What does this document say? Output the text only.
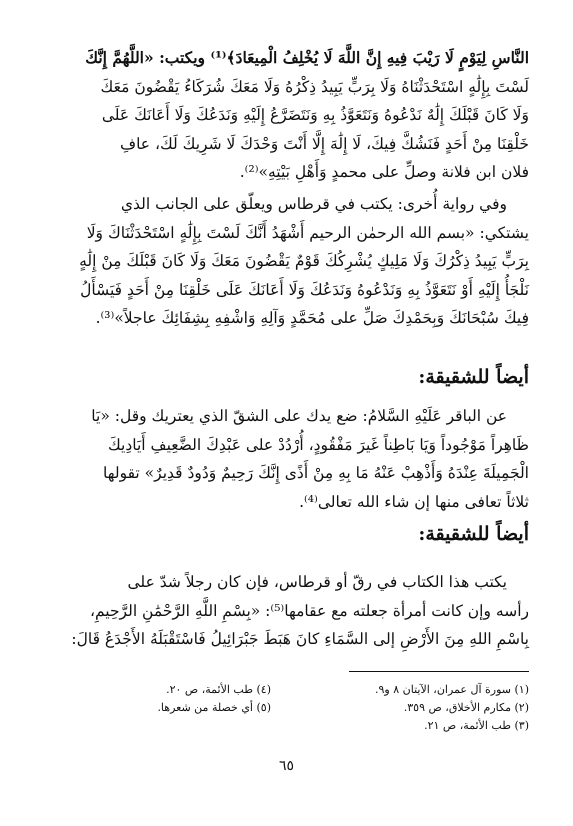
النَّاسِ لِيَوْمٍ لَا رَيْبَ فِيهِ إِنَّ اللَّهَ لَا يُخْلِفُ الْمِيعَادَ﴾⁽¹⁾ ويكتب: «اللَّهُمَّ إِنَّكَ
لَسْتَ بِإِلَٰهٍ اسْتَحْدَثْنَاهُ وَلَا بِرَبٍّ يَبِيدُ ذِكْرُهُ وَلَا مَعَكَ شُرَكَاءُ يَقْضُونَ مَعَكَ
وَلَا كَانَ قَبْلَكَ إِلَٰهٌ نَدْعُوهُ وَنَتَعَوَّذُ بِهِ وَنَتَضَرَّعُ إِلَيْهِ وَنَدَعُكَ وَلَا أَعَانَكَ عَلَى
خَلْقِنَا مِنْ أَحَدٍ فَنَشُكَّ فِيكَ، لَا إِلَٰهَ إِلَّا أَنْتَ وَحْدَكَ لَا شَرِيكَ لَكَ، عافِ
فلان ابن فلانة وصلِّ على محمدٍ وَأَهْلِ بَيْتِهِ»⁽²⁾.
وفي رواية أُخرى: يكتب في قرطاس ويعلّق على الجانب الذي
يشتكي: «بسم الله الرحمٰن الرحيم أَشْهَدُ أَنَّكَ لَسْتَ بِإِلَٰهٍ اسْتَحْدَثْنَاكَ وَلَا
بِرَبٍّ يَبِيدُ ذِكْرُكَ وَلَا مَلِيكٍ يُشْرِكُكَ قَوْمٌ يَقْضُونَ مَعَكَ وَلَا كَانَ قَبْلَكَ مِنْ إِلَٰهٍ
نَلْجَأُ إِلَيْهِ أَوْ نَتَعَوَّذُ بِهِ وَنَدْعُوهُ وَنَدَعُكَ وَلَا أَعَانَكَ عَلَى خَلْقِنَا مِنْ أَحَدٍ فَيَسْأَلُ
فِيكَ سُبْحَانَكَ وَبِحَمْدِكَ صَلِّ على مُحَمَّدٍ وَآلِهِ وَاشْفِهِ بِشِفَائِكَ عاجلاً»⁽³⁾.
أيضاً للشقيقة:
عن الباقر عَلَيْهِ السَّلامُ: ضع يدك على الشقّ الذي يعتريك وقل: «يَا
ظَاهِراً مَوْجُوداً وَيَا بَاطِناً غَيرَ مَفْقُودٍ، أُرْدُدْ على عَبْدِكَ الضَّعِيفِ أَيَادِيكَ
الْجَمِيلَةَ عِنْدَهُ وَأَذْهِبْ عَنْهُ مَا بِهِ مِنْ أَذًى إِنَّكَ رَحِيمٌ وَدُودٌ قَدِيرٌ» تقولها
ثلاثاً تعافى منها إن شاء الله تعالى⁽⁴⁾.
أيضاً للشقيقة:
يكتب هذا الكتاب في رقّ أو قرطاس، فإن كان رجلاً شدّ على
رأسه وإن كانت أمرأة جعلته مع عقامها⁽⁵⁾: «بِسْمِ اللَّهِ الرَّحْمَٰنِ الرَّحِيمِ،
بِاسْمِ اللهِ مِنَ الأَرْضِ إلى السَّمَاءِ كانَ هَبَطَ جَبْرَائِيلُ فَاسْتَقْبَلَهُ الأَجْدَعُ قَالَ:
(١) سورة آل عمران، الآيتان ٨ و٩.
(٢) مكارم الأخلاق، ص ٣٥٩.
(٣) طب الأئمة، ص ٢١.
(٤) طب الأئمة، ص ٢٠.
(٥) أي خصلة من شعرها.
٦٥
